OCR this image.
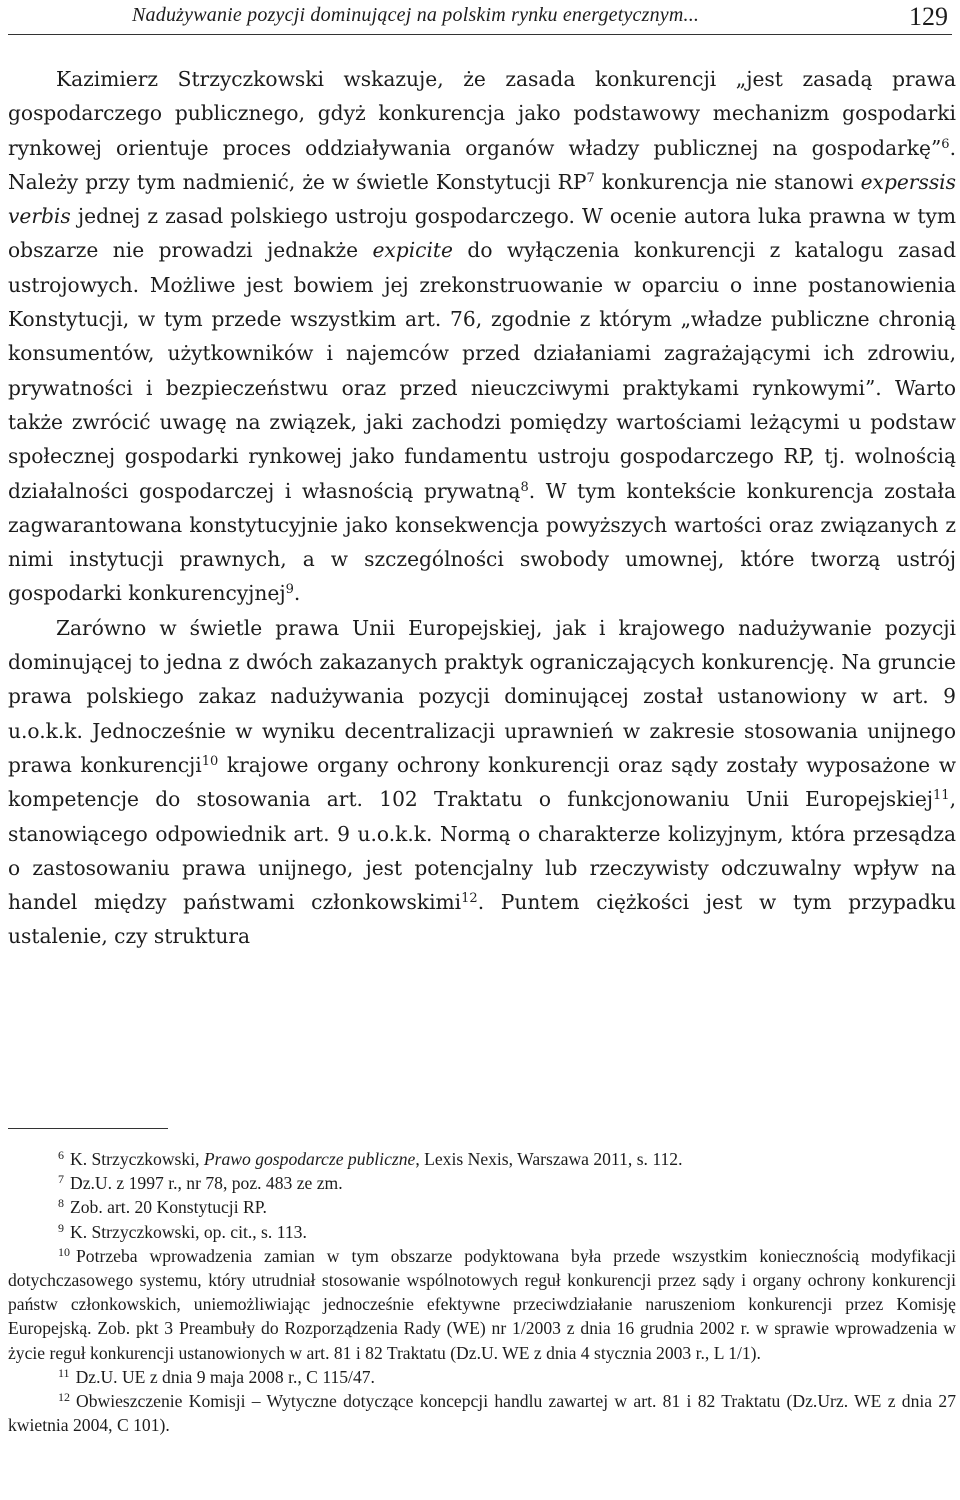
Nadużywanie pozycji dominującej na polskim rynku energetycznym...	129

Kazimierz Strzyczkowski wskazuje, że zasada konkurencji „jest zasadą prawa gospodarczego publicznego, gdyż konkurencja jako podstawowy mechanizm gospodarki rynkowej orientuje proces oddziaływania organów władzy publicznej na gospodarkę”$^6$. Należy przy tym nadmienić, że w świetle Konstytucji $RP^7$ konkurencja nie stanowi experssis verbis jednej z zasad polskiego ustroju gospodarczego. W ocenie autora luka prawna w tym obszarze nie prowadzi jednakże expicite do wyłączenia konkurencji z katalogu zasad ustrojowych. Możliwe jest bowiem jej zrekonstruowanie w oparciu o inne postanowienia Konstytucji, w tym przede wszystkim art. 76, zgodnie z którym „władze publiczne chronią konsumentów, użytkowników i najemców przed działaniami zagrażającymi ich zdrowiu, prywatności i bezpieczeństwu oraz przed nieuczciwymi praktykami rynkowymi”. Warto także zwrócić uwagę na związek, jaki zachodzi pomiędzy wartościami leżącymi u podstaw społecznej gospodarki rynkowej jako fundamentu ustroju gospodarczego RP, tj. wolnością działalności gospodarczej i własnością prywatną$^8$. W tym kontekście konkurencja została zagwarantowana konstytucyjnie jako konsekwencja powyższych wartości oraz związanych z nimi instytucji prawnych, a w szczególności swobody umownej, które tworzą ustrój gospodarki konkurencyjnej$^9$.

Zarówno w świetle prawa Unii Europejskiej, jak i krajowego nadużywanie pozycji dominującej to jedna z dwóch zakazanych praktyk ograniczających konkurencję. Na gruncie prawa polskiego zakaz nadużywania pozycji dominującej został ustanowiony w art. 9 u.o.k.k. Jednocześnie w wyniku decentralizacji uprawnień w zakresie stosowania unijnego prawa konkurencji$^{10}$ krajowe organy ochrony konkurencji oraz sądy zostały wyposażone w kompetencje do stosowania art. 102 Traktatu o funkcjonowaniu Unii Europejskiej$^{11}$, stanowiącego odpowiednik art. 9 u.o.k.k. Normą o charakterze kolizyjnym, która przesądza o zastosowaniu prawa unijnego, jest potencjalny lub rzeczywisty odczuwalny wpływ na handel między państwami członkowskimi$^{12}$. Puntem ciężkości jest w tym przypadku ustalenie, czy struktura

$^6$ K. Strzyczkowski, Prawo gospodarcze publiczne, Lexis Nexis, Warszawa 2011, s. 112.

$^7$ Dz.U. z 1997 r., nr 78, poz. 483 ze zm.

$^8$ Zob. art. 20 Konstytucji RP.

$^9$ K. Strzyczkowski, op. cit., s. 113.

$^{10}$ Potrzeba wprowadzenia zamian w tym obszarze podyktowana była przede wszystkim koniecznością modyfikacji dotychczasowego systemu, który utrudniał stosowanie wspólnotowych reguł konkurencji przez sądy i organy ochrony konkurencji państw członkowskich, uniemożliwiając jednocześnie efektywne przeciwdziałanie naruszeniom konkurencji przez Komisję Europejską. Zob. pkt 3 Preambuły do Rozporządzenia Rady (WE) nr 1/2003 z dnia 16 grudnia 2002 r. w sprawie wprowadzenia w życie reguł konkurencji ustanowionych w art. 81 i 82 Traktatu (Dz.U. WE z dnia 4 stycznia 2003 r., L 1/1).

$^{11}$ Dz.U. UE z dnia 9 maja 2008 r., C 115/47.

$^{12}$ Obwieszczenie Komisji – Wytyczne dotyczące koncepcji handlu zawartej w art. 81 i 82 Traktatu (Dz.Urz. WE z dnia 27 kwietnia 2004, C 101).
